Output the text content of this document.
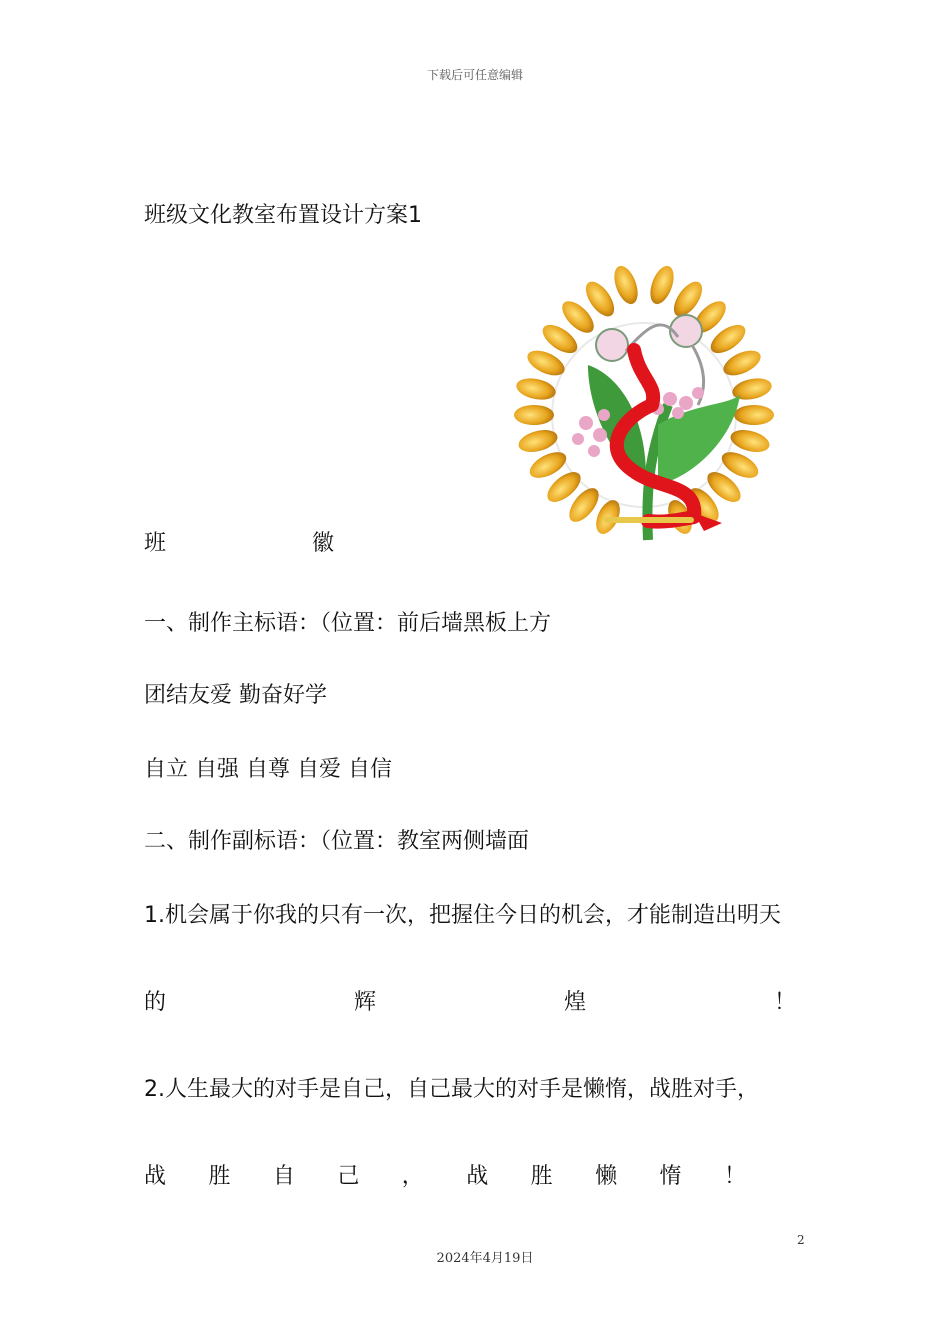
下载后可任意编辑
班级文化教室布置设计方案1
班	徽
一、制作主标语：（位置：前后墙黑板上方
团结友爱 勤奋好学
自立 自强 自尊 自爱 自信
二、制作副标语：（位置：教室两侧墙面
1.机会属于你我的只有一次，把握住今日的机会，才能制造出明天
的	辉	煌	！
2.人生最大的对手是自己，自己最大的对手是懒惰，战胜对手，
战 胜 自 己 ， 战 胜 懒 惰 ！
2
2024年4月19日
